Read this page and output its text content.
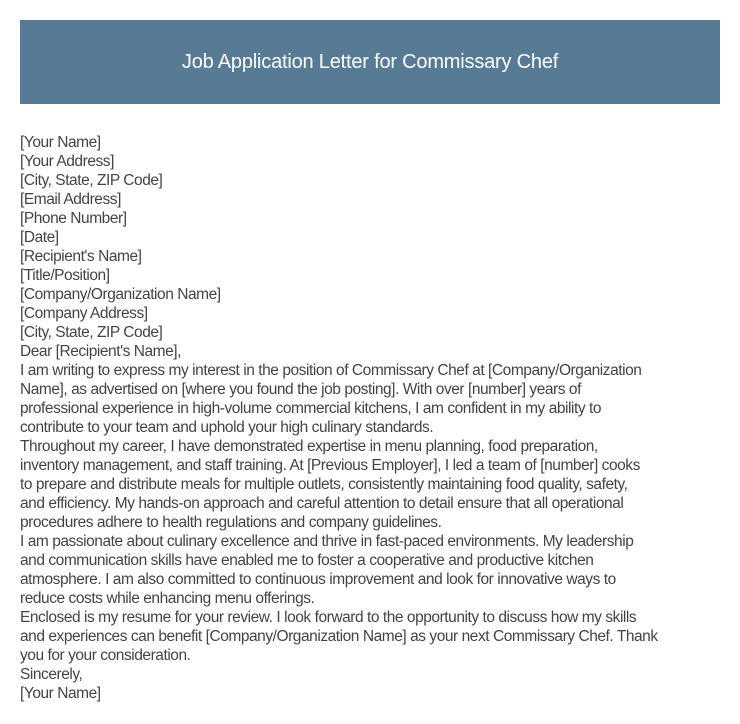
Job Application Letter for Commissary Chef
[Your Name]
[Your Address]
[City, State, ZIP Code]
[Email Address]
[Phone Number]
[Date]
[Recipient's Name]
[Title/Position]
[Company/Organization Name]
[Company Address]
[City, State, ZIP Code]
Dear [Recipient's Name],
I am writing to express my interest in the position of Commissary Chef at [Company/Organization
Name], as advertised on [where you found the job posting]. With over [number] years of
professional experience in high-volume commercial kitchens, I am confident in my ability to
contribute to your team and uphold your high culinary standards.
Throughout my career, I have demonstrated expertise in menu planning, food preparation,
inventory management, and staff training. At [Previous Employer], I led a team of [number] cooks
to prepare and distribute meals for multiple outlets, consistently maintaining food quality, safety,
and efficiency. My hands-on approach and careful attention to detail ensure that all operational
procedures adhere to health regulations and company guidelines.
I am passionate about culinary excellence and thrive in fast-paced environments. My leadership
and communication skills have enabled me to foster a cooperative and productive kitchen
atmosphere. I am also committed to continuous improvement and look for innovative ways to
reduce costs while enhancing menu offerings.
Enclosed is my resume for your review. I look forward to the opportunity to discuss how my skills
and experiences can benefit [Company/Organization Name] as your next Commissary Chef. Thank
you for your consideration.
Sincerely,
[Your Name]
